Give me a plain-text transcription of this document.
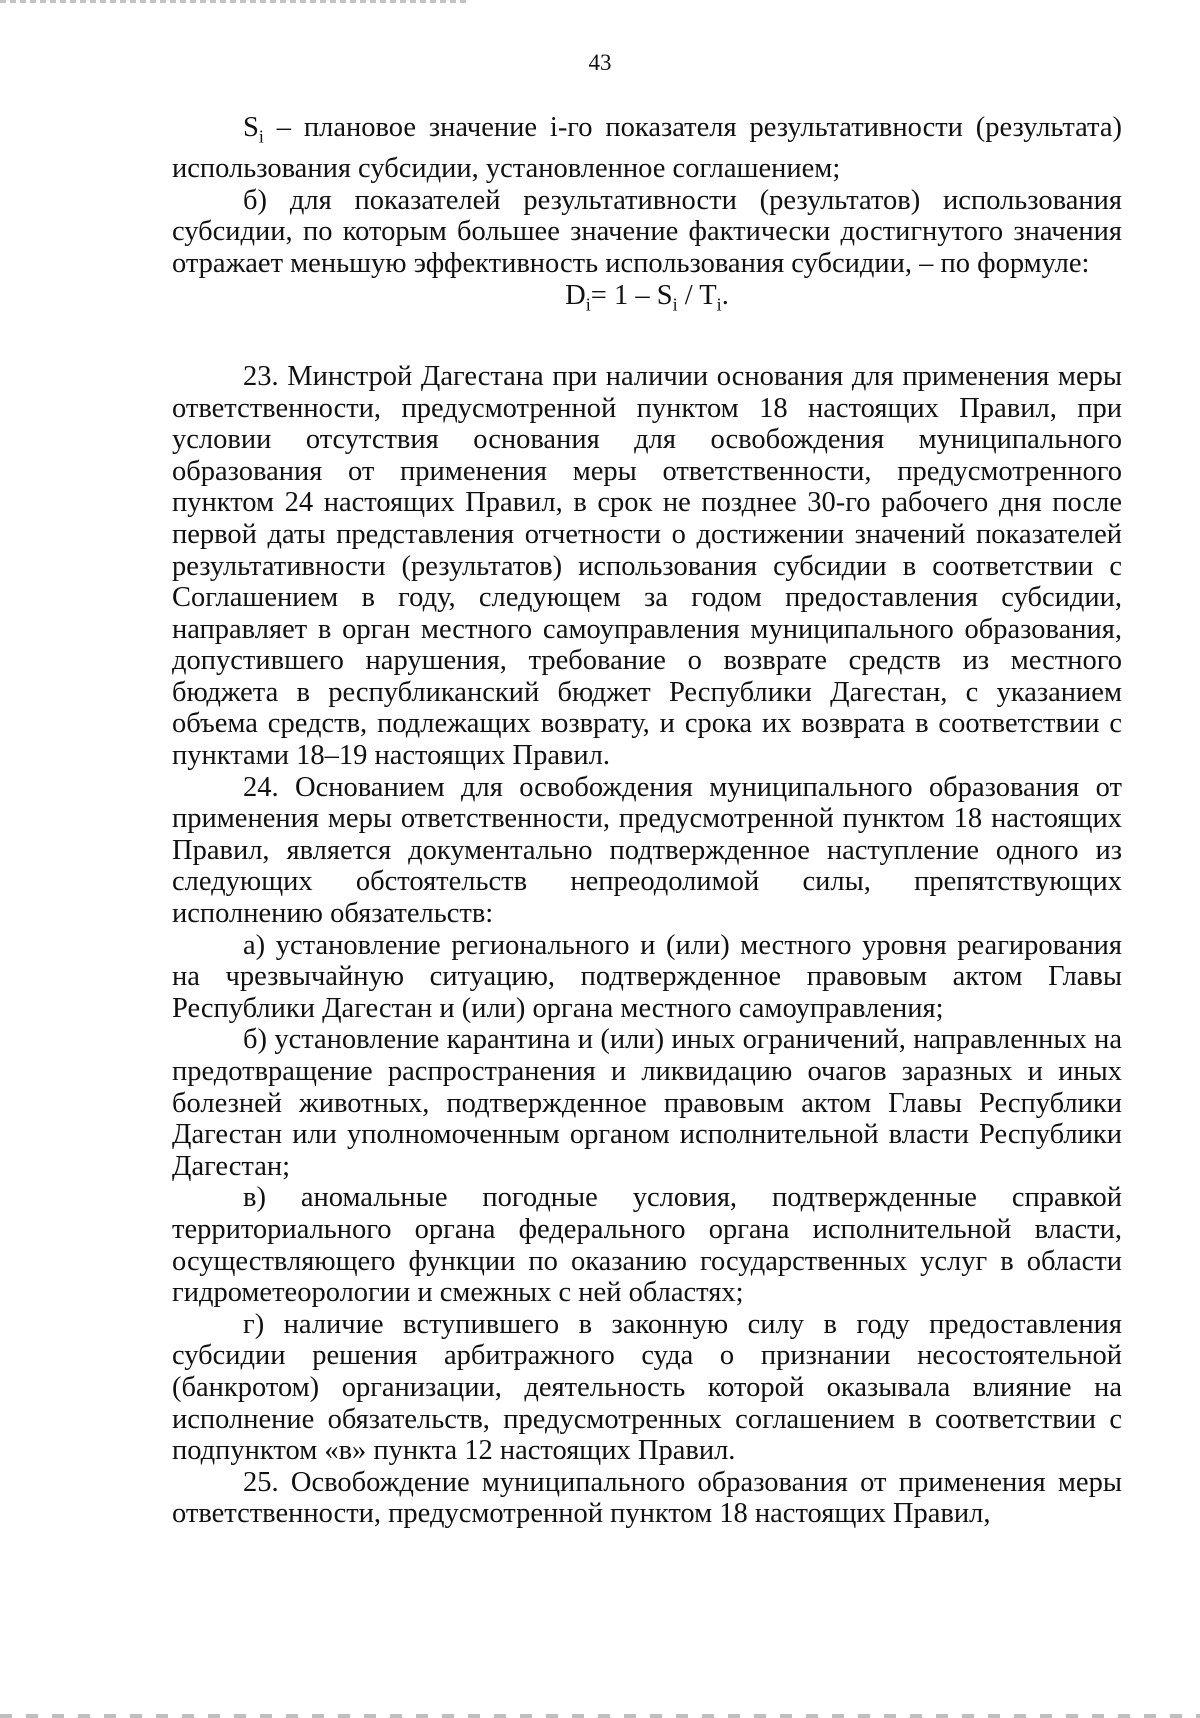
43

$S_i$ – плановое значение i-го показателя результативности (результата) использования субсидии, установленное соглашением;

б) для показателей результативности (результатов) использования субсидии, по которым большее значение фактически достигнутого значения отражает меньшую эффективность использования субсидии, – по формуле:

$D_i= 1 - S_i / T_i$.

23. Минстрой Дагестана при наличии основания для применения меры ответственности, предусмотренной пунктом 18 настоящих Правил, при условии отсутствия основания для освобождения муниципального образования от применения меры ответственности, предусмотренного пунктом 24 настоящих Правил, в срок не позднее 30-го рабочего дня после первой даты представления отчетности о достижении значений показателей результативности (результатов) использования субсидии в соответствии с Соглашением в году, следующем за годом предоставления субсидии, направляет в орган местного самоуправления муниципального образования, допустившего нарушения, требование о возврате средств из местного бюджета в республиканский бюджет Республики Дагестан, с указанием объема средств, подлежащих возврату, и срока их возврата в соответствии с пунктами 18–19 настоящих Правил.

24. Основанием для освобождения муниципального образования от применения меры ответственности, предусмотренной пунктом 18 настоящих Правил, является документально подтвержденное наступление одного из следующих обстоятельств непреодолимой силы, препятствующих исполнению обязательств:

а) установление регионального и (или) местного уровня реагирования на чрезвычайную ситуацию, подтвержденное правовым актом Главы Республики Дагестан и (или) органа местного самоуправления;

б) установление карантина и (или) иных ограничений, направленных на предотвращение распространения и ликвидацию очагов заразных и иных болезней животных, подтвержденное правовым актом Главы Республики Дагестан или уполномоченным органом исполнительной власти Республики Дагестан;

в) аномальные погодные условия, подтвержденные справкой территориального органа федерального органа исполнительной власти, осуществляющего функции по оказанию государственных услуг в области гидрометеорологии и смежных с ней областях;

г) наличие вступившего в законную силу в году предоставления субсидии решения арбитражного суда о признании несостоятельной (банкротом) организации, деятельность которой оказывала влияние на исполнение обязательств, предусмотренных соглашением в соответствии с подпунктом «в» пункта 12 настоящих Правил.

25. Освобождение муниципального образования от применения меры ответственности, предусмотренной пунктом 18 настоящих Правил,
